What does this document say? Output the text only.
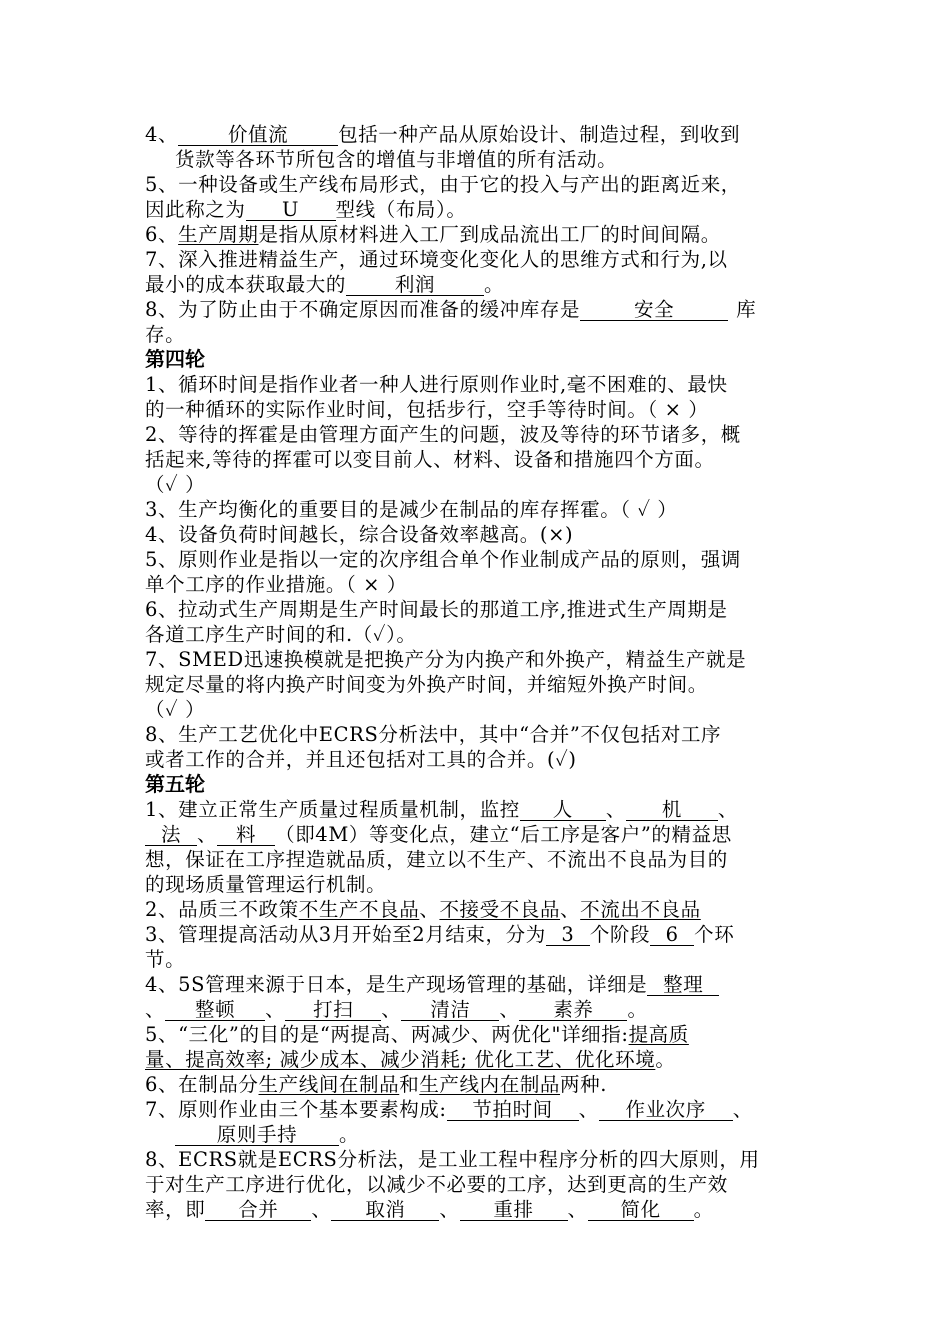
4、	价值流	包括一种产品从原始设计、制造过程，到收到
货款等各环节所包含的增值与非增值的所有活动。
5、一种设备或生产线布局形式，由于它的投入与产出的距离近来，
因此称之为 U 型线（布局）。
6、生产周期是指从原材料进入工厂到成品流出工厂的时间间隔。
7、深入推进精益生产，通过环境变化变化人的思维方式和行为,以
最小的成本获取最大的	利润	。
8、为了防止由于不确定原因而准备的缓冲库存是	安全	库
存。
第四轮
1、循环时间是指作业者一种人进行原则作业时,毫不困难的、最快
的一种循环的实际作业时间，包括步行，空手等待时间。（ × ）
2、等待的挥霍是由管理方面产生的问题，波及等待的环节诸多，概
括起来,等待的挥霍可以变目前人、材料、设备和措施四个方面。
（✓ ）
3、生产均衡化的重要目的是减少在制品的库存挥霍。（ ✓ ）
4、设备负荷时间越长，综合设备效率越高。(×)
5、原则作业是指以一定的次序组合单个作业制成产品的原则，强调
单个工序的作业措施。（ × ）
6、拉动式生产周期是生产时间最长的那道工序,推进式生产周期是
各道工序生产时间的和.（✓）。
7、SMED迅速换模就是把换产分为内换产和外换产，精益生产就是
规定尽量的将内换产时间变为外换产时间，并缩短外换产时间。
（✓ ）
8、生产工艺优化中ECRS分析法中，其中“合并”不仅包括对工序
或者工作的合并，并且还包括对工具的合并。(✓)
第五轮
1、建立正常生产质量过程质量机制，监控 人 、 机 、
法 、 料 （即4M）等变化点，建立“后工序是客户”的精益思
想，保证在工序捏造就品质，建立以不生产、不流出不良品为目的
的现场质量管理运行机制。
2、品质三不政策不生产不良品、不接受不良品、不流出不良品
3、管理提高活动从3月开始至2月结束，分为 3 个阶段 6 个环
节。
4、5S管理来源于日本，是生产现场管理的基础，详细是 整理
、 整顿 、 打扫 、 清洁 、 素养 。
5、“三化”的目的是“两提高、两减少、两优化"详细指:提高质
量、提高效率; 减少成本、减少消耗; 优化工艺、优化环境。
6、在制品分生产线间在制品和生产线内在制品两种.
7、原则作业由三个基本要素构成: 节拍时间 、 作业次序 、
原则手持 。
8、ECRS就是ECRS分析法，是工业工程中程序分析的四大原则，用
于对生产工序进行优化，以减少不必要的工序，达到更高的生产效
率，即 合并 、 取消 、 重排 、 简化 。
